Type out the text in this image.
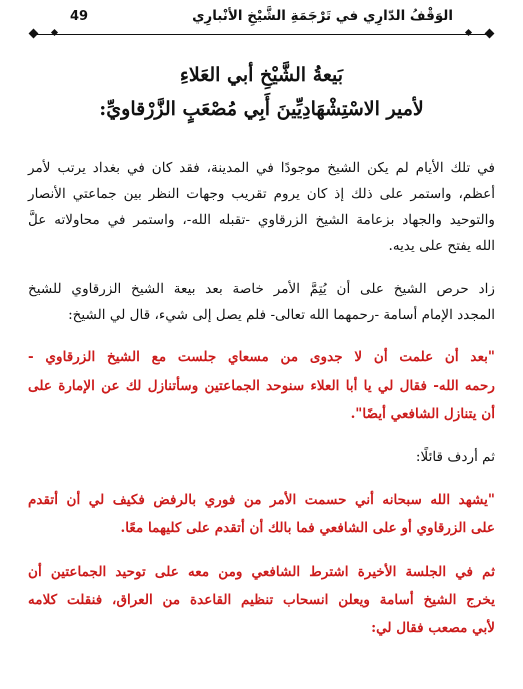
الوَقْفُ الدّارِي في تَرْجَمَةِ الشَّيْخِ الأنْبارِي
49
بَيعةُ الشَّيْخِ أبي العَلاءِ
لأمير الاسْتِشْهَادِيِّينَ أَبِي مُصْعَبٍ الزَّرْقاويِّ:
في تلك الأيام لم يكن الشيخ موجودًا في المدينة، فقد كان في بغداد يرتب لأمر
أعظم، واستمر على ذلك إذ كان يروم تقريب وجهات النظر بين جماعتي الأنصار
والتوحيد والجهاد بزعامة الشيخ الزرقاوي -تقبله الله-، واستمر في محاولاته علَّ
الله يفتح على يديه.
زاد حرص الشيخ على أن يُتِمَّ الأمر خاصة بعد بيعة الشيخ الزرقاوي للشيخ
المجدد الإمام أسامة -رحمهما الله تعالى- فلم يصل إلى شيء، قال لي الشيخ:
"بعد أن علمت أن لا جدوى من مسعاي جلست مع الشيخ الزرقاوي -
رحمه الله- فقال لي يا أبا العلاء سنوحد الجماعتين وسأتنازل لك عن الإمارة على
أن يتنازل الشافعي أيضًا".
ثم أردف قائلًا:
"يشهد الله سبحانه أني حسمت الأمر من فوري بالرفض فكيف لي أن أتقدم
على الزرقاوي أو على الشافعي فما بالك أن أتقدم على كليهما معًا.
ثم في الجلسة الأخيرة اشترط الشافعي ومن معه على توحيد الجماعتين أن
يخرج الشيخ أسامة ويعلن انسحاب تنظيم القاعدة من العراق، فنقلت كلامه
لأبي مصعب فقال لي:
